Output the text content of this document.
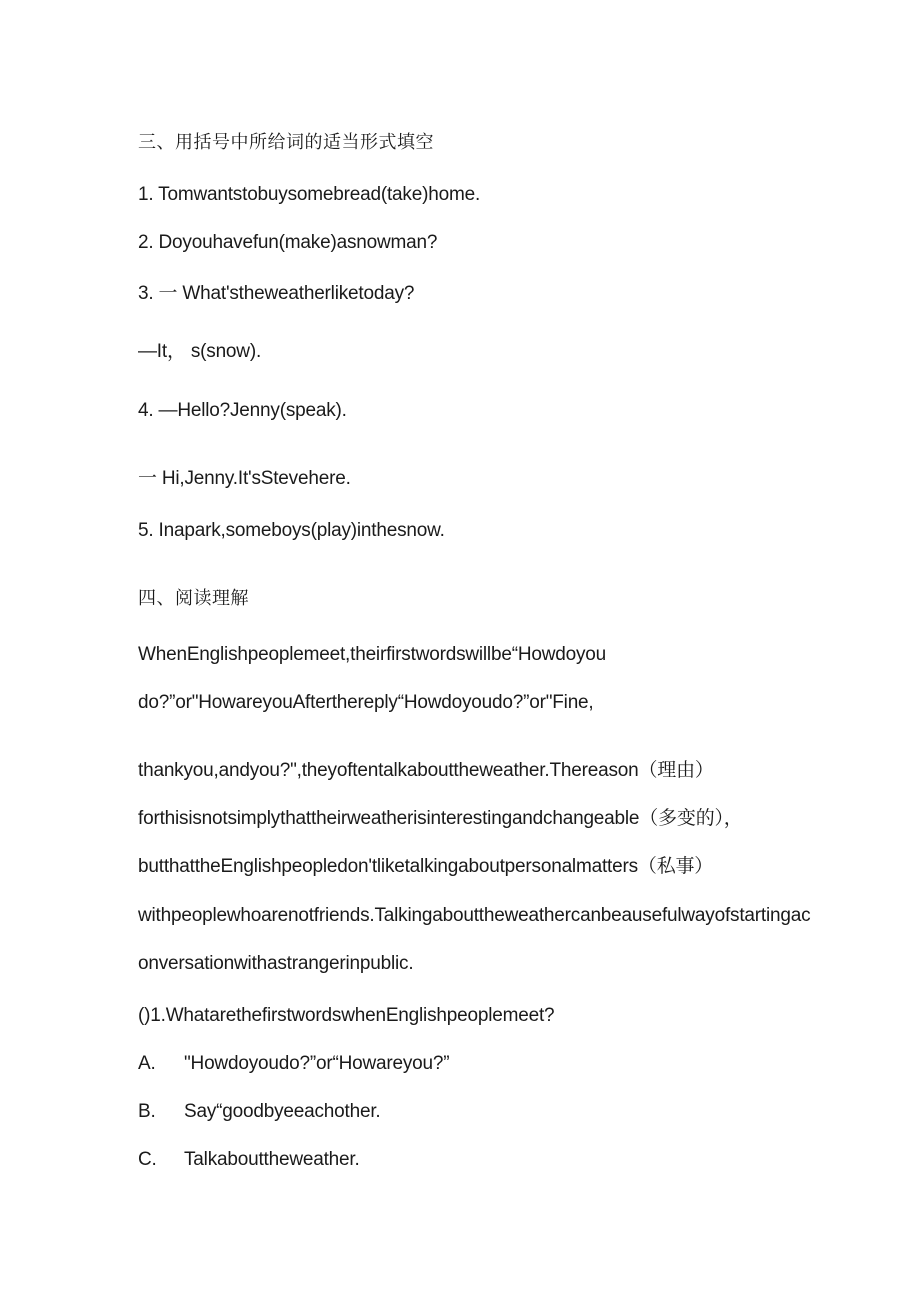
三、用括号中所给词的适当形式填空

1. Tomwantstobuysomebread(take)home.

2. Doyouhavefun(make)asnowman?

3. 一 What'stheweatherliketoday?

—It， s(snow).

4. —Hello?Jenny(speak).

一 Hi,Jenny.It'sStevehere.

5. Inapark,someboys(play)inthesnow.

四、阅读理解

WhenEnglishpeoplemeet,theirfirstwordswillbe“Howdoyou

do?”or"HowareyouAfterthereply“Howdoyoudo?”or"Fine,

thankyou,andyou?",theyoftentalkabouttheweather.Thereason（理由）

forthisisnotsimplythattheirweatherisinterestingandchangeable（多变的），

butthattheEnglishpeopledon'tliketalkingaboutpersonalmatters（私事）

withpeoplewhoarenotfriends.Talkingabouttheweathercanbeausefulwayofstartingac

onversationwithastrangerinpublic.

()1.WhatarethefirstwordswhenEnglishpeoplemeet?

A. "Howdoyoudo?”or“Howareyou?”

B. Say“goodbyeeachother.

C. Talkabouttheweather.
